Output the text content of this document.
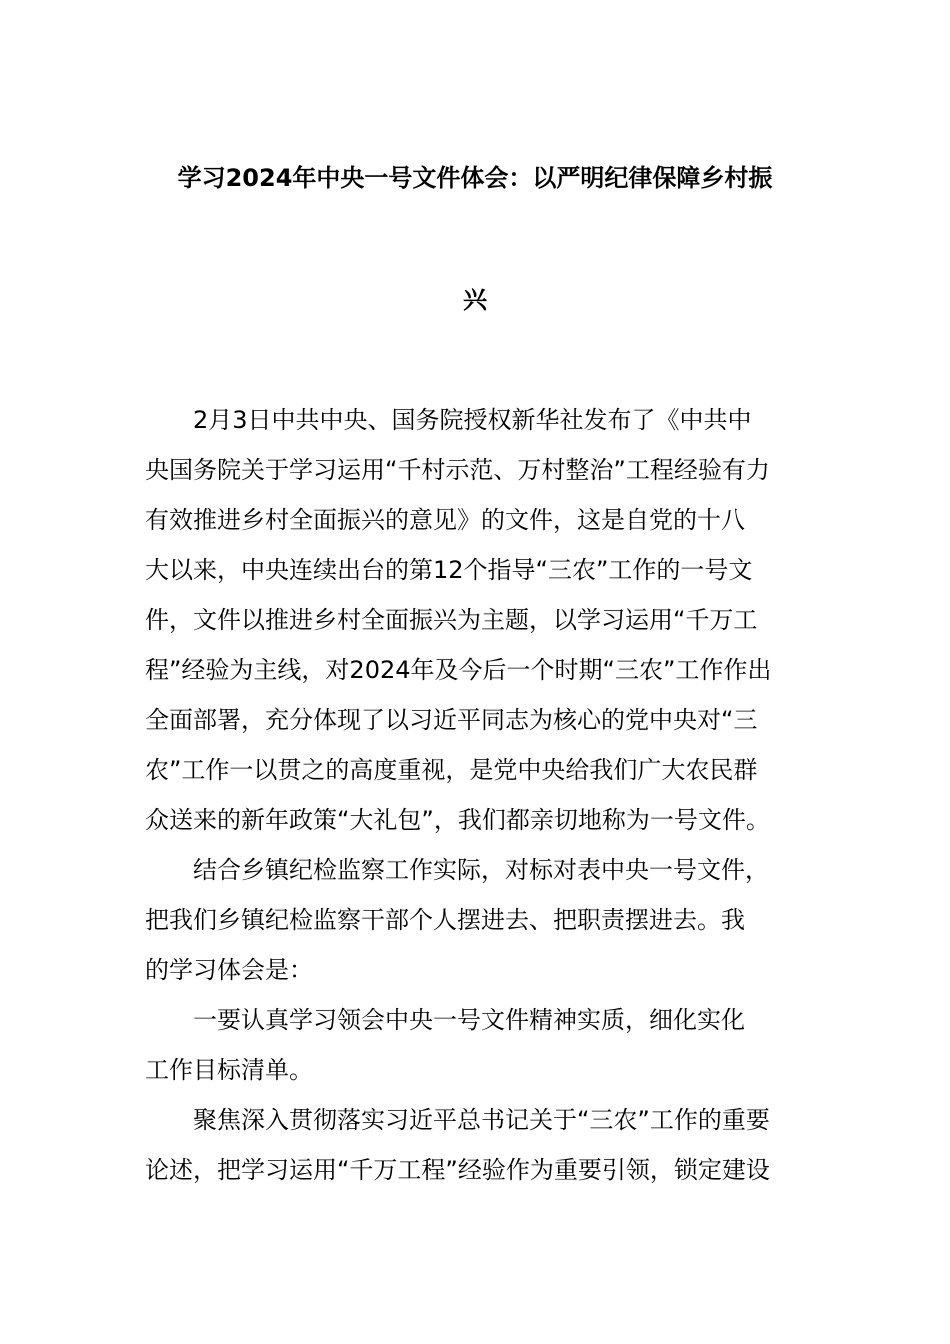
学习2024年中央一号文件体会：以严明纪律保障乡村振
兴
　　2月3日中共中央、国务院授权新华社发布了《中共中
央国务院关于学习运用“千村示范、万村整治”工程经验有力
有效推进乡村全面振兴的意见》的文件，这是自党的十八
大以来，中央连续出台的第12个指导“三农”工作的一号文
件，文件以推进乡村全面振兴为主题，以学习运用“千万工
程”经验为主线，对2024年及今后一个时期“三农”工作作出
全面部署，充分体现了以习近平同志为核心的党中央对“三
农”工作一以贯之的高度重视，是党中央给我们广大农民群
众送来的新年政策“大礼包”，我们都亲切地称为一号文件。
　　结合乡镇纪检监察工作实际，对标对表中央一号文件，
把我们乡镇纪检监察干部个人摆进去、把职责摆进去。我
的学习体会是：
　　一要认真学习领会中央一号文件精神实质，细化实化
工作目标清单。
　　聚焦深入贯彻落实习近平总书记关于“三农”工作的重要
论述，把学习运用“千万工程”经验作为重要引领，锁定建设
